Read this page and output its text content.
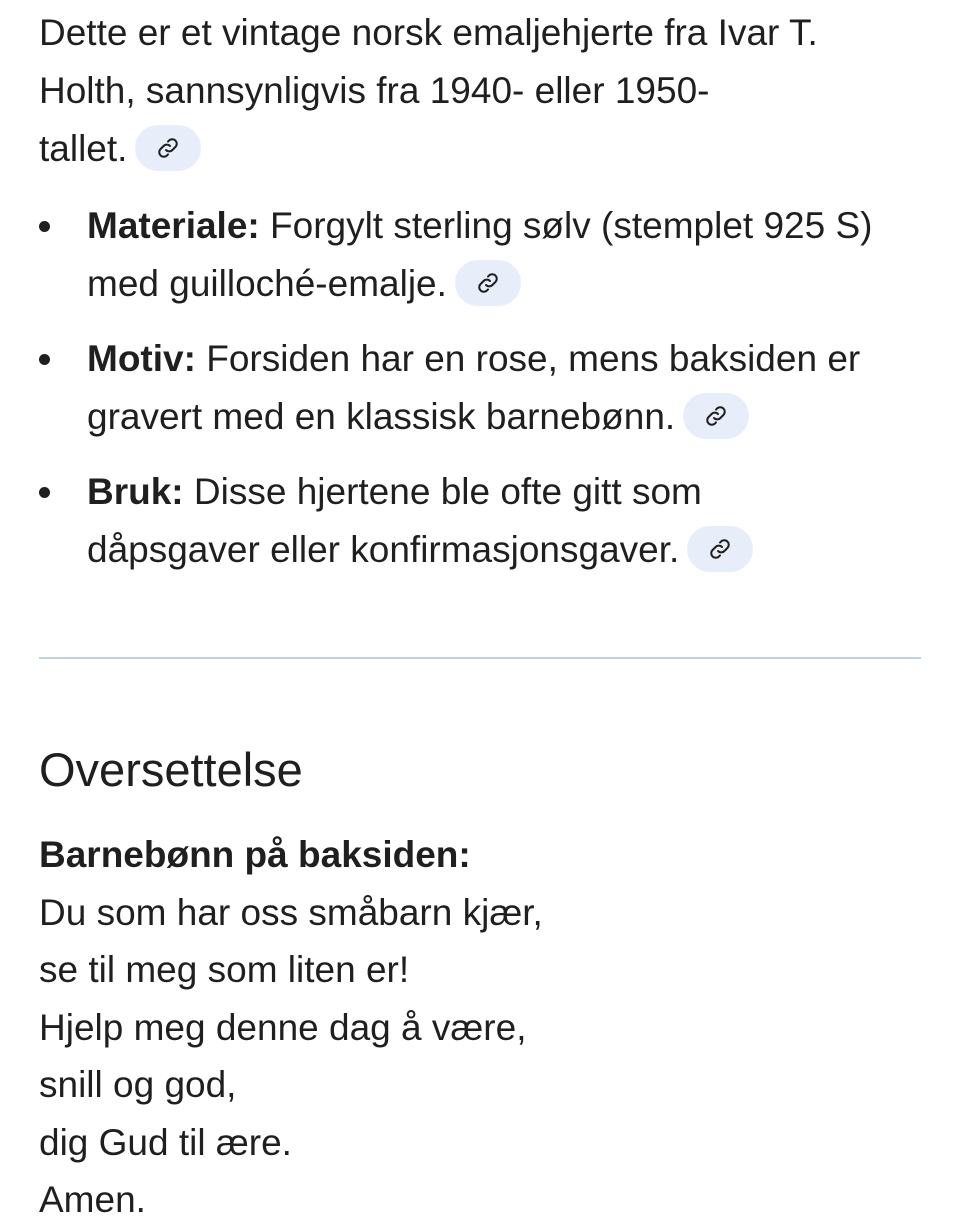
Dette er et vintage norsk emaljehjerte fra Ivar T.
Holth, sannsynligvis fra 1940- eller 1950-
tallet.
Materiale: Forgylt sterling sølv (stemplet 925 S)
med guilloché-emalje.
Motiv: Forsiden har en rose, mens baksiden er
gravert med en klassisk barnebønn.
Bruk: Disse hjertene ble ofte gitt som
dåpsgaver eller konfirmasjonsgaver.
Oversettelse
Barnebønn på baksiden:
Du som har oss småbarn kjær,
se til meg som liten er!
Hjelp meg denne dag å være,
snill og god,
dig Gud til ære.
Amen.
